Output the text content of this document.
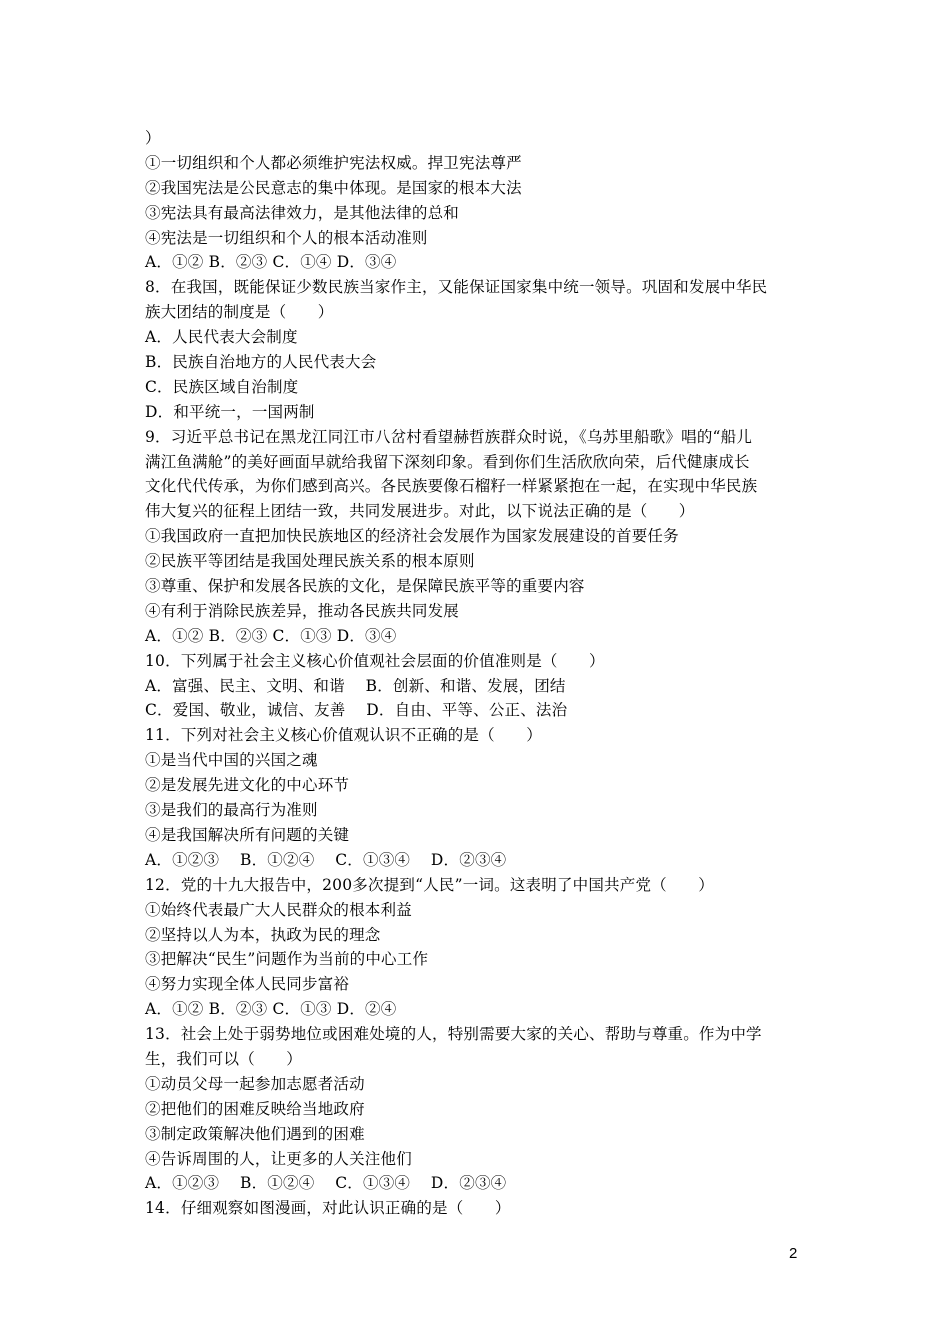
）
①一切组织和个人都必须维护宪法权威。捍卫宪法尊严
②我国宪法是公民意志的集中体现。是国家的根本大法
③宪法具有最高法律效力，是其他法律的总和
④宪法是一切组织和个人的根本活动准则
A．①② B．②③ C．①④ D．③④
8．在我国，既能保证少数民族当家作主，又能保证国家集中统一领导。巩固和发展中华民
族大团结的制度是（　　）
A．人民代表大会制度
B．民族自治地方的人民代表大会
C．民族区域自治制度
D．和平统一，一国两制
9．习近平总书记在黑龙江同江市八岔村看望赫哲族群众时说，《乌苏里船歌》唱的“船儿
满江鱼满舱”的美好画面早就给我留下深刻印象。看到你们生活欣欣向荣，后代健康成长
文化代代传承，为你们感到高兴。各民族要像石榴籽一样紧紧抱在一起，在实现中华民族
伟大复兴的征程上团结一致，共同发展进步。对此，以下说法正确的是（　　）
①我国政府一直把加快民族地区的经济社会发展作为国家发展建设的首要任务
②民族平等团结是我国处理民族关系的根本原则
③尊重、保护和发展各民族的文化，是保障民族平等的重要内容
④有利于消除民族差异，推动各民族共同发展
A．①② B．②③ C．①③ D．③④
10．下列属于社会主义核心价值观社会层面的价值准则是（　　）
A．富强、民主、文明、和谐　 B．创新、和谐、发展，团结
C．爱国、敬业，诚信、友善　 D．自由、平等、公正、法治
11．下列对社会主义核心价值观认识不正确的是（　　）
①是当代中国的兴国之魂
②是发展先进文化的中心环节
③是我们的最高行为准则
④是我国解决所有问题的关键
A．①②③　 B．①②④　 C．①③④　 D．②③④
12．党的十九大报告中，200多次提到“人民”一词。这表明了中国共产党（　　）
①始终代表最广大人民群众的根本利益
②坚持以人为本，执政为民的理念
③把解决“民生”问题作为当前的中心工作
④努力实现全体人民同步富裕
A．①② B．②③ C．①③ D．②④
13．社会上处于弱势地位或困难处境的人，特别需要大家的关心、帮助与尊重。作为中学
生，我们可以（　　）
①动员父母一起参加志愿者活动
②把他们的困难反映给当地政府
③制定政策解决他们遇到的困难
④告诉周围的人，让更多的人关注他们
A．①②③　 B．①②④　 C．①③④　 D．②③④
14．仔细观察如图漫画，对此认识正确的是（　　）
2
